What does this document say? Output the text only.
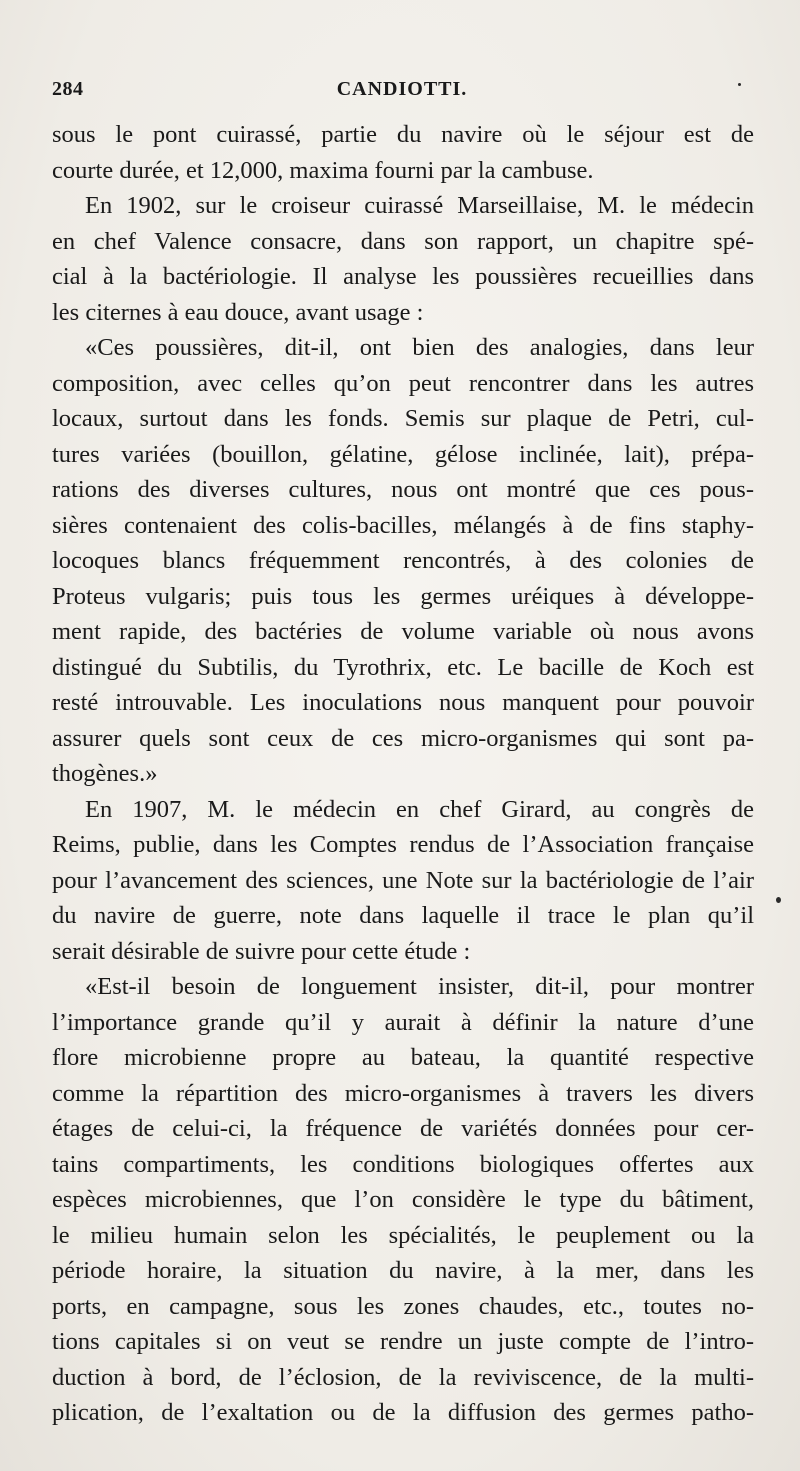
284	CANDIOTTI.
sous le pont cuirassé, partie du navire où le séjour est de
courte durée, et 12,000, maxima fourni par la cambuse.
En 1902, sur le croiseur cuirassé Marseillaise, M. le médecin
en chef Valence consacre, dans son rapport, un chapitre spé-
cial à la bactériologie. Il analyse les poussières recueillies dans
les citernes à eau douce, avant usage :
«Ces poussières, dit-il, ont bien des analogies, dans leur
composition, avec celles qu’on peut rencontrer dans les autres
locaux, surtout dans les fonds. Semis sur plaque de Petri, cul-
tures variées (bouillon, gélatine, gélose inclinée, lait), prépa-
rations des diverses cultures, nous ont montré que ces pous-
sières contenaient des colis-bacilles, mélangés à de fins staphy-
locoques blancs fréquemment rencontrés, à des colonies de
Proteus vulgaris; puis tous les germes uréiques à développe-
ment rapide, des bactéries de volume variable où nous avons
distingué du Subtilis, du Tyrothrix, etc. Le bacille de Koch est
resté introuvable. Les inoculations nous manquent pour pouvoir
assurer quels sont ceux de ces micro-organismes qui sont pa-
thogènes.»
En 1907, M. le médecin en chef Girard, au congrès de
Reims, publie, dans les Comptes rendus de l’Association française
pour l’avancement des sciences, une Note sur la bactériologie de l’air
du navire de guerre, note dans laquelle il trace le plan qu’il
serait désirable de suivre pour cette étude :
«Est-il besoin de longuement insister, dit-il, pour montrer
l’importance grande qu’il y aurait à définir la nature d’une
flore microbienne propre au bateau, la quantité respective
comme la répartition des micro-organismes à travers les divers
étages de celui-ci, la fréquence de variétés données pour cer-
tains compartiments, les conditions biologiques offertes aux
espèces microbiennes, que l’on considère le type du bâtiment,
le milieu humain selon les spécialités, le peuplement ou la
période horaire, la situation du navire, à la mer, dans les
ports, en campagne, sous les zones chaudes, etc., toutes no-
tions capitales si on veut se rendre un juste compte de l’intro-
duction à bord, de l’éclosion, de la reviviscence, de la multi-
plication, de l’exaltation ou de la diffusion des germes patho-
